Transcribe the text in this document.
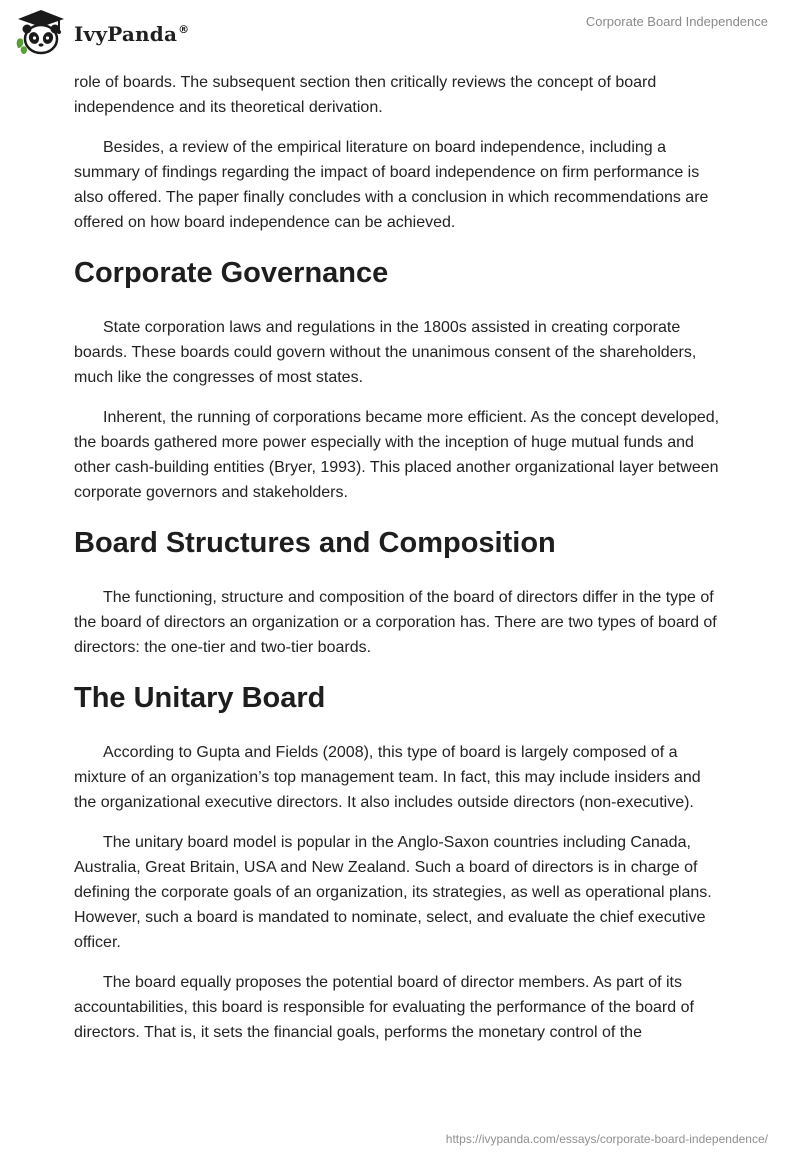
IvyPanda®
Corporate Board Independence

role of boards. The subsequent section then critically reviews the concept of board independence and its theoretical derivation.

Besides, a review of the empirical literature on board independence, including a summary of findings regarding the impact of board independence on firm performance is also offered. The paper finally concludes with a conclusion in which recommendations are offered on how board independence can be achieved.

Corporate Governance

State corporation laws and regulations in the 1800s assisted in creating corporate boards. These boards could govern without the unanimous consent of the shareholders, much like the congresses of most states.

Inherent, the running of corporations became more efficient. As the concept developed, the boards gathered more power especially with the inception of huge mutual funds and other cash-building entities (Bryer, 1993). This placed another organizational layer between corporate governors and stakeholders.

Board Structures and Composition

The functioning, structure and composition of the board of directors differ in the type of the board of directors an organization or a corporation has. There are two types of board of directors: the one-tier and two-tier boards.

The Unitary Board

According to Gupta and Fields (2008), this type of board is largely composed of a mixture of an organization’s top management team. In fact, this may include insiders and the organizational executive directors. It also includes outside directors (non-executive).

The unitary board model is popular in the Anglo-Saxon countries including Canada, Australia, Great Britain, USA and New Zealand. Such a board of directors is in charge of defining the corporate goals of an organization, its strategies, as well as operational plans. However, such a board is mandated to nominate, select, and evaluate the chief executive officer.

The board equally proposes the potential board of director members. As part of its accountabilities, this board is responsible for evaluating the performance of the board of directors. That is, it sets the financial goals, performs the monetary control of the

https://ivypanda.com/essays/corporate-board-independence/
